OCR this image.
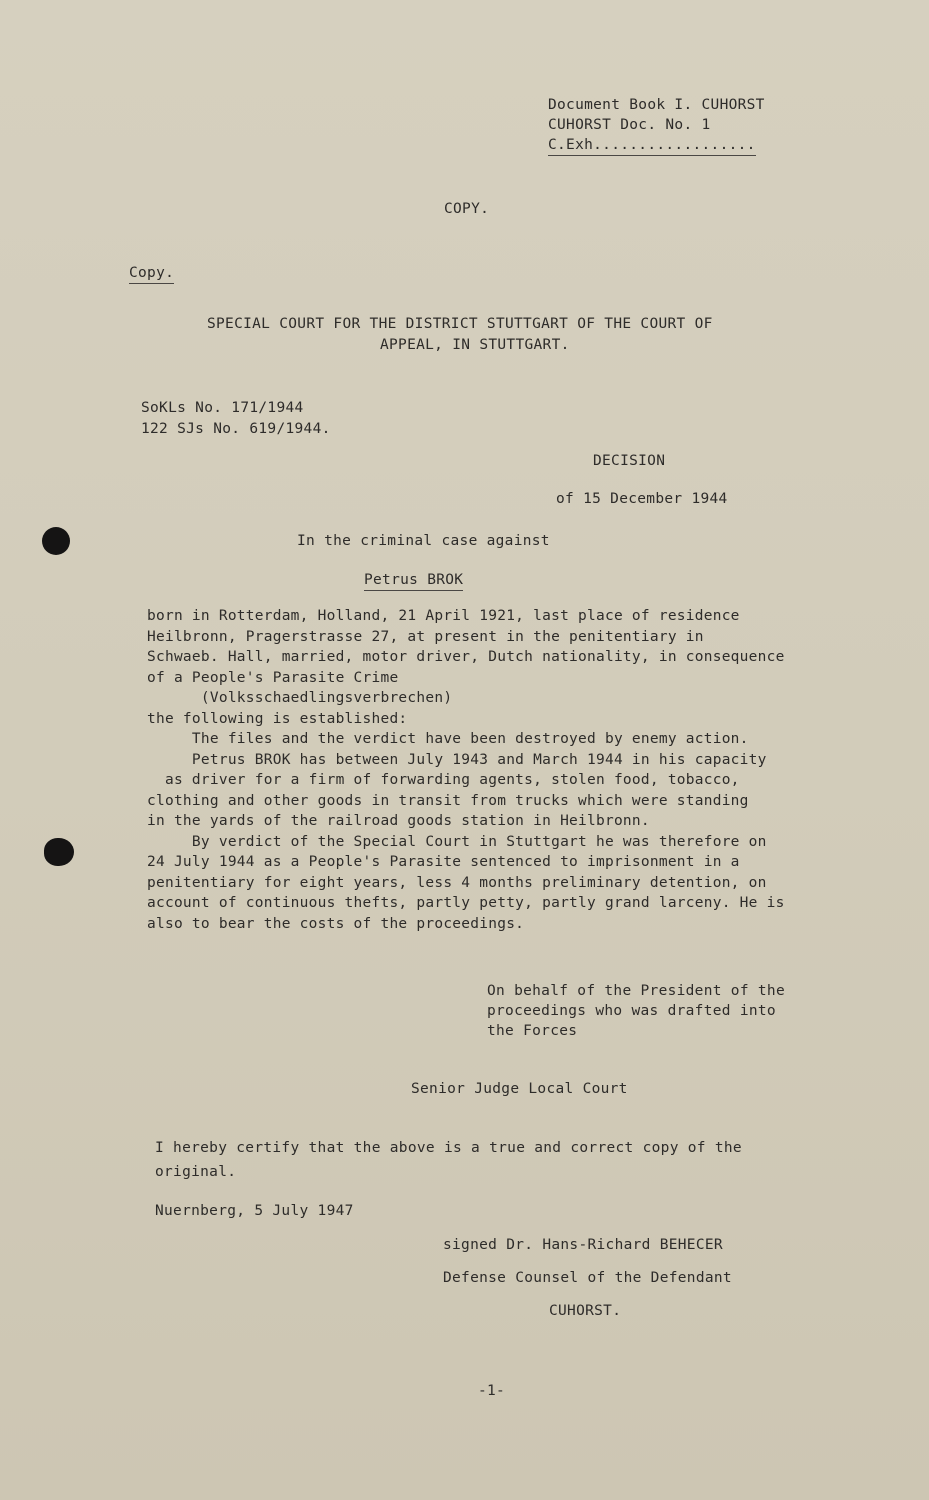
Document Book I. CUHORST
CUHORST Doc. No. 1
C.Exh..................
COPY.
Copy.
SPECIAL COURT FOR THE DISTRICT STUTTGART OF THE COURT OF
APPEAL, IN STUTTGART.
SoKLs No. 171/1944
122 SJs No. 619/1944.
DECISION
of 15 December 1944
In the criminal case against
Petrus BROK
born in Rotterdam, Holland, 21 April 1921, last place of residence
Heilbronn, Pragerstrasse 27, at present in the penitentiary in
Schwaeb. Hall, married, motor driver, Dutch nationality, in consequence
of a People's Parasite Crime
(Volksschaedlingsverbrechen)
the following is established:
The files and the verdict have been destroyed by enemy action.
Petrus BROK has between July 1943 and March 1944 in his capacity
as driver for a firm of forwarding agents, stolen food, tobacco,
clothing and other goods in transit from trucks which were standing
in the yards of the railroad goods station in Heilbronn.
By verdict of the Special Court in Stuttgart he was therefore on
24 July 1944 as a People's Parasite sentenced to imprisonment in a
penitentiary for eight years, less 4 months preliminary detention, on
account of continuous thefts, partly petty, partly grand larceny. He is
also to bear the costs of the proceedings.
On behalf of the President of the
proceedings who was drafted into
the Forces
Senior Judge Local Court
I hereby certify that the above is a true and correct copy of the
original.
Nuernberg, 5 July 1947
signed Dr. Hans-Richard BEHECER
Defense Counsel of the Defendant
CUHORST.
-1-
